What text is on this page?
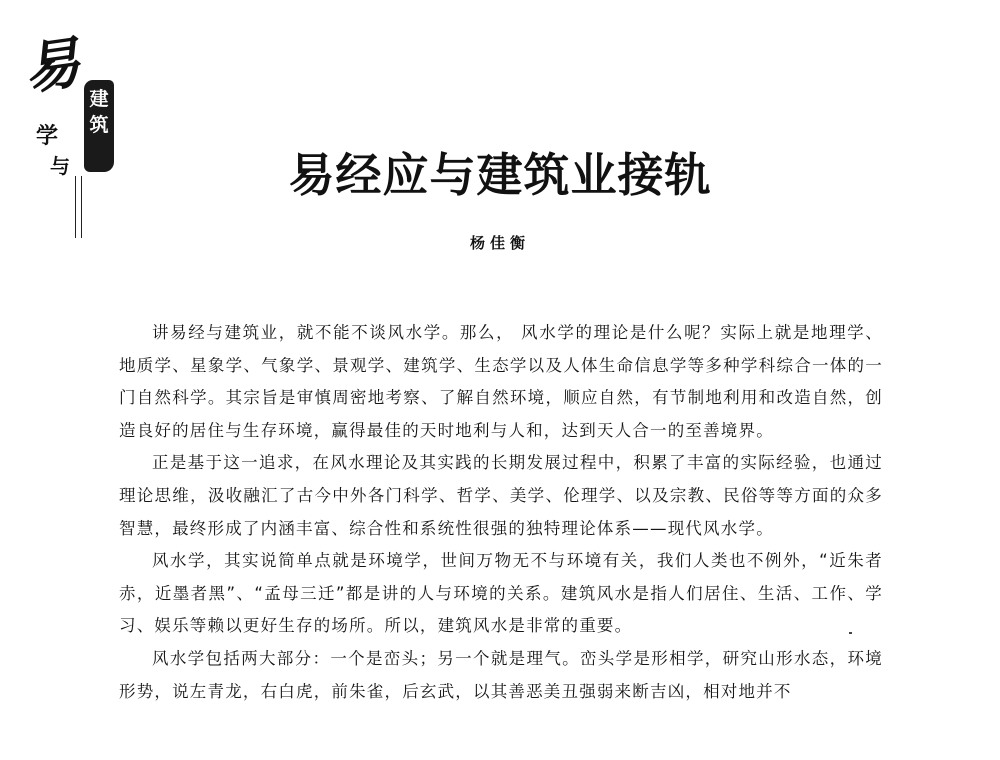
易 建
筑
学
与	易经应与建筑业接轨
杨佳衡

讲易经与建筑业，就不能不谈风水学。那么， 风水学的理论是什么呢？实际上就是地理学、地质学、星象学、气象学、景观学、建筑学、生态学以及人体生命信息学等多种学科综合一体的一门自然科学。其宗旨是审慎周密地考察、了解自然环境，顺应自然，有节制地利用和改造自然，创造良好的居住与生存环境，赢得最佳的天时地利与人和，达到天人合一的至善境界。

正是基于这一追求，在风水理论及其实践的长期发展过程中，积累了丰富的实际经验，也通过理论思维，汲收融汇了古今中外各门科学、哲学、美学、伦理学、以及宗教、民俗等等方面的众多智慧，最终形成了内涵丰富、综合性和系统性很强的独特理论体系——现代风水学。

风水学，其实说简单点就是环境学，世间万物无不与环境有关，我们人类也不例外，“近朱者赤，近墨者黑”、“孟母三迁”都是讲的人与环境的关系。建筑风水是指人们居住、生活、工作、学习、娱乐等赖以更好生存的场所。所以，建筑风水是非常的重要。

风水学包括两大部分：一个是峦头；另一个就是理气。峦头学是形相学，研究山形水态，环境形势，说左青龙，右白虎，前朱雀，后玄武，以其善恶美丑强弱来断吉凶，相对地并不
